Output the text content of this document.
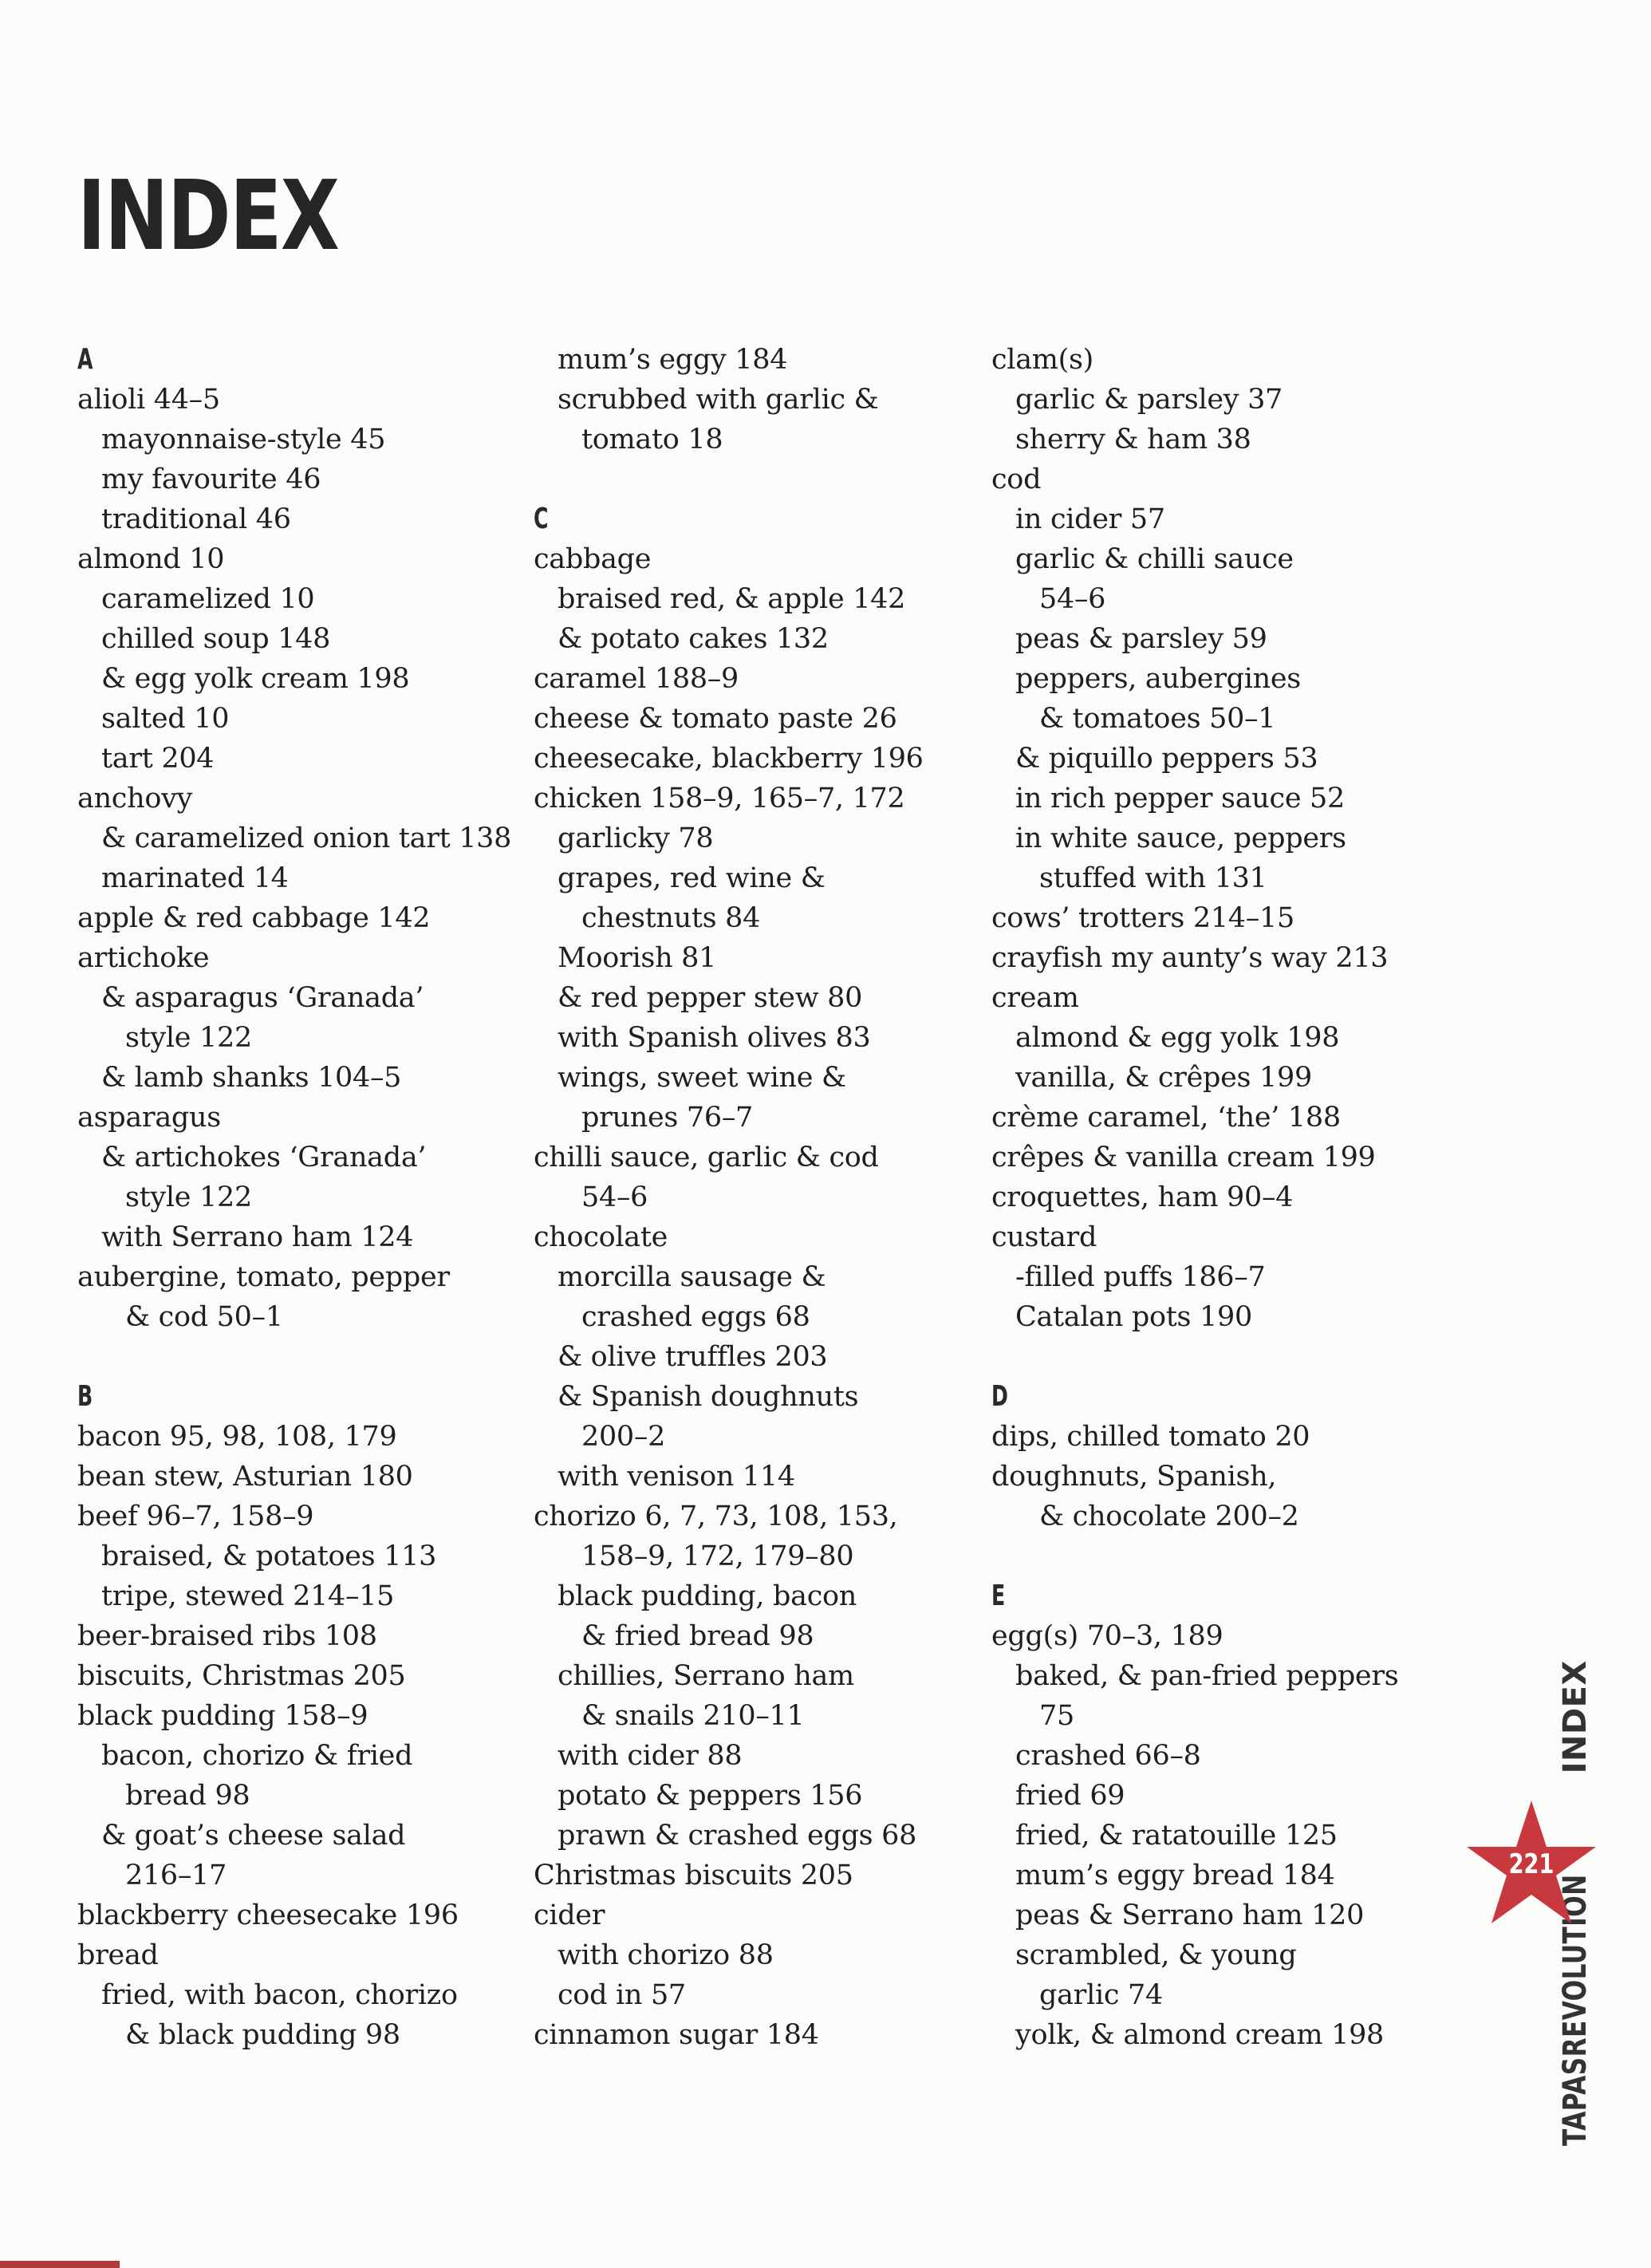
INDEX
A
alioli 44–5
mayonnaise-style 45
my favourite 46
traditional 46
almond 10
caramelized 10
chilled soup 148
& egg yolk cream 198
salted 10
tart 204
anchovy
& caramelized onion tart 138
marinated 14
apple & red cabbage 142
artichoke
& asparagus ‘Granada’
style 122
& lamb shanks 104–5
asparagus
& artichokes ‘Granada’
style 122
with Serrano ham 124
aubergine, tomato, pepper
& cod 50–1
B
bacon 95, 98, 108, 179
bean stew, Asturian 180
beef 96–7, 158–9
braised, & potatoes 113
tripe, stewed 214–15
beer-braised ribs 108
biscuits, Christmas 205
black pudding 158–9
bacon, chorizo & fried
bread 98
& goat’s cheese salad
216–17
blackberry cheesecake 196
bread
fried, with bacon, chorizo
& black pudding 98
mum’s eggy 184
scrubbed with garlic &
tomato 18
C
cabbage
braised red, & apple 142
& potato cakes 132
caramel 188–9
cheese & tomato paste 26
cheesecake, blackberry 196
chicken 158–9, 165–7, 172
garlicky 78
grapes, red wine &
chestnuts 84
Moorish 81
& red pepper stew 80
with Spanish olives 83
wings, sweet wine &
prunes 76–7
chilli sauce, garlic & cod
54–6
chocolate
morcilla sausage &
crashed eggs 68
& olive truffles 203
& Spanish doughnuts
200–2
with venison 114
chorizo 6, 7, 73, 108, 153,
158–9, 172, 179–80
black pudding, bacon
& fried bread 98
chillies, Serrano ham
& snails 210–11
with cider 88
potato & peppers 156
prawn & crashed eggs 68
Christmas biscuits 205
cider
with chorizo 88
cod in 57
cinnamon sugar 184
clam(s)
garlic & parsley 37
sherry & ham 38
cod
in cider 57
garlic & chilli sauce
54–6
peas & parsley 59
peppers, aubergines
& tomatoes 50–1
& piquillo peppers 53
in rich pepper sauce 52
in white sauce, peppers
stuffed with 131
cows’ trotters 214–15
crayfish my aunty’s way 213
cream
almond & egg yolk 198
vanilla, & crêpes 199
crème caramel, ‘the’ 188
crêpes & vanilla cream 199
croquettes, ham 90–4
custard
-filled puffs 186–7
Catalan pots 190
D
dips, chilled tomato 20
doughnuts, Spanish,
& chocolate 200–2
E
egg(s) 70–3, 189
baked, & pan-fried peppers
75
crashed 66–8
fried 69
fried, & ratatouille 125
mum’s eggy bread 184
peas & Serrano ham 120
scrambled, & young
garlic 74
yolk, & almond cream 198	TAPASREVOLUTIONINDEX
221
